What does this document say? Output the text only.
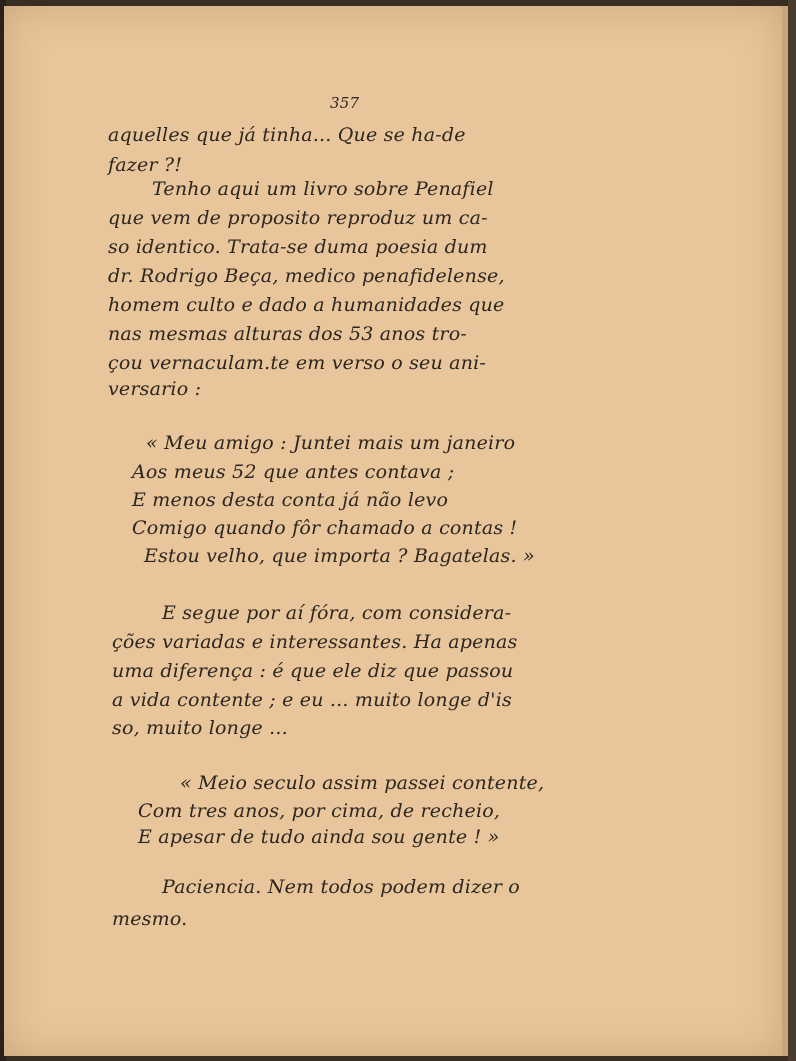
357
aquelles que já tinha... Que se ha-de
fazer ?!
Tenho aqui um livro sobre Penafiel
que vem de proposito reproduz um ca-
so identico. Trata-se duma poesia dum
dr. Rodrigo Beça, medico penafidelense,
homem culto e dado a humanidades que
nas mesmas alturas dos 53 anos tro-
çou vernaculam.te em verso o seu ani-
versario :
« Meu amigo : Juntei mais um janeiro
Aos meus 52 que antes contava ;
E menos desta conta já não levo
Comigo quando fôr chamado a contas !
Estou velho, que importa ? Bagatelas. »
E segue por aí fóra, com considera-
ções variadas e interessantes. Ha apenas
uma diferença : é que ele diz que passou
a vida contente ; e eu ... muito longe d'is
so, muito longe ...
« Meio seculo assim passei contente,
Com tres anos, por cima, de recheio,
E apesar de tudo ainda sou gente ! »
Paciencia. Nem todos podem dizer o
mesmo.
